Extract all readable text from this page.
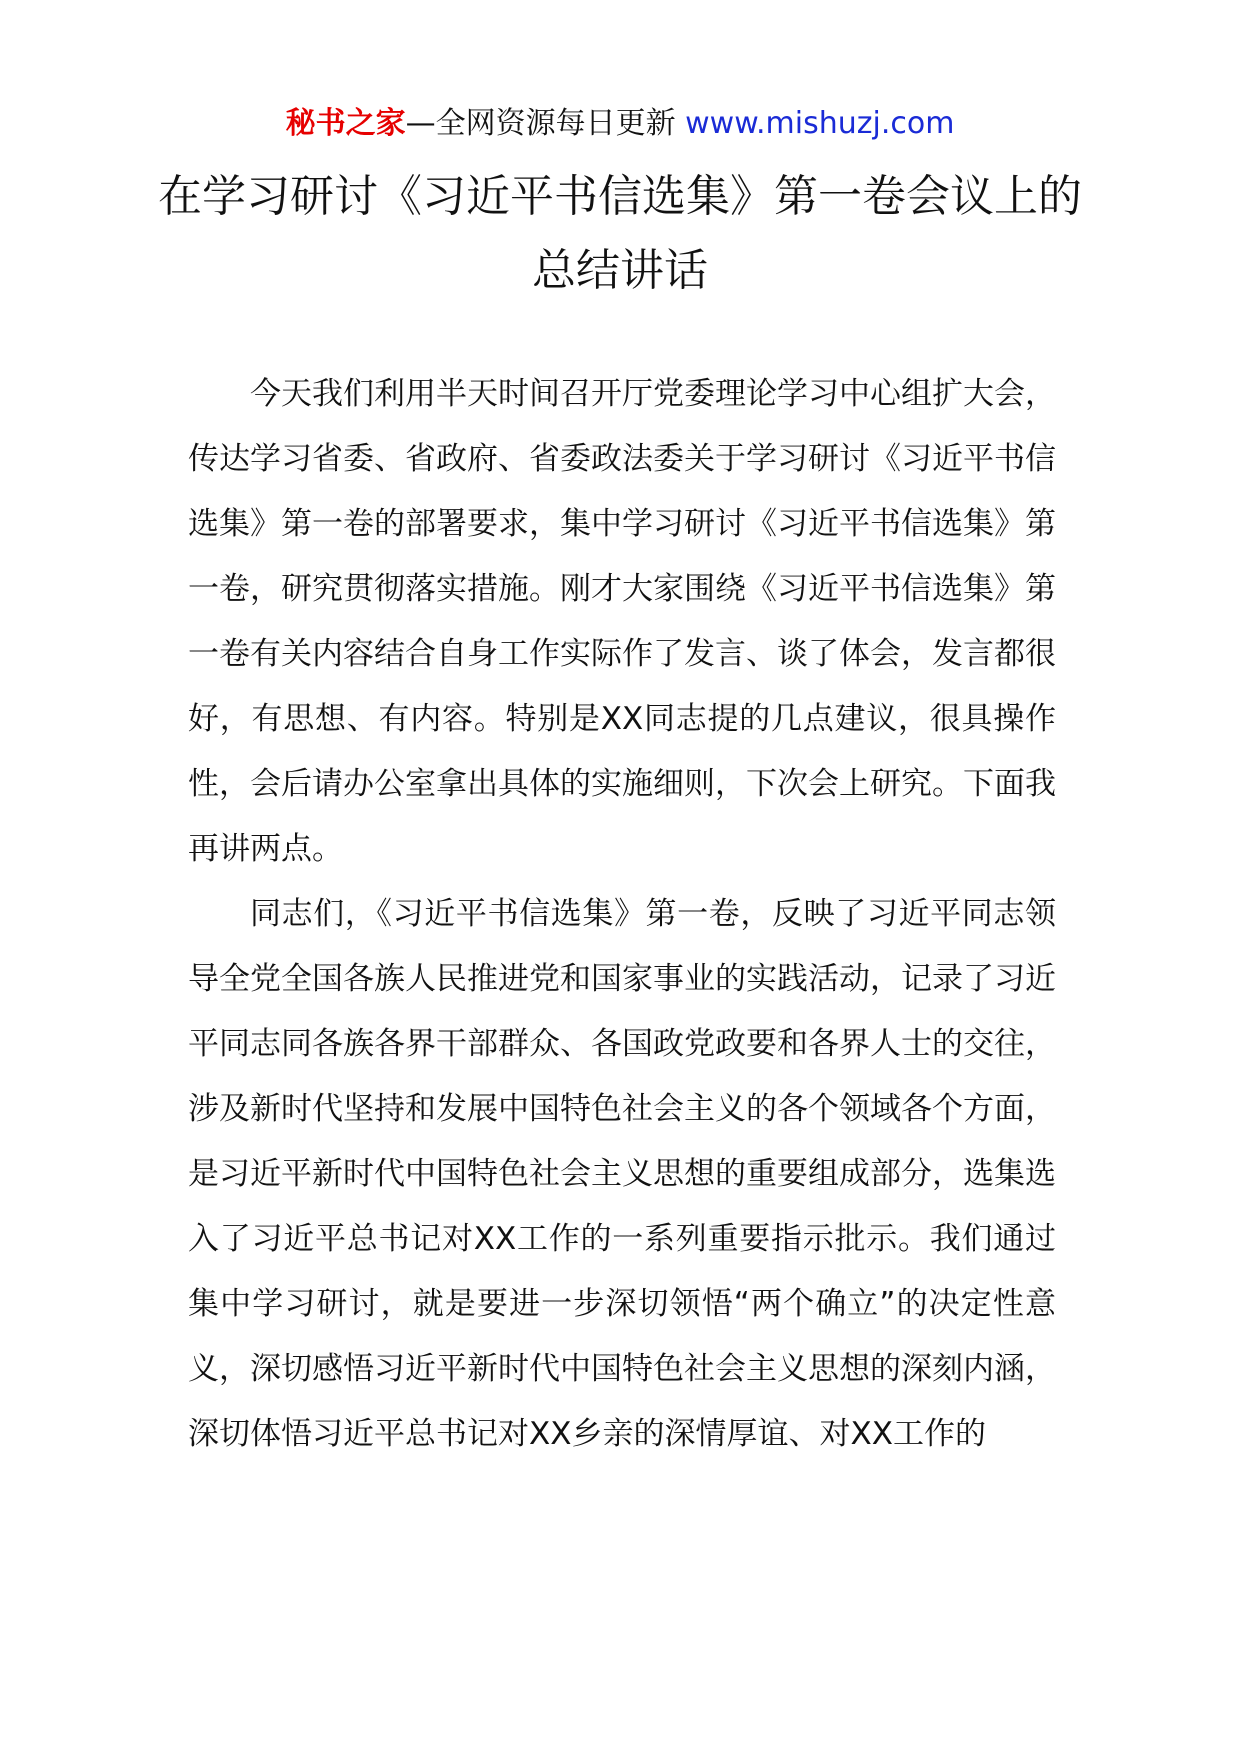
秘书之家—全网资源每日更新 www.mishuzj.com
在学习研讨《习近平书信选集》第一卷会议上的总结讲话

今天我们利用半天时间召开厅党委理论学习中心组扩大会，传达学习省委、省政府、省委政法委关于学习研讨《习近平书信选集》第一卷的部署要求，集中学习研讨《习近平书信选集》第一卷，研究贯彻落实措施。刚才大家围绕《习近平书信选集》第一卷有关内容结合自身工作实际作了发言、谈了体会，发言都很好，有思想、有内容。特别是XX同志提的几点建议，很具操作性，会后请办公室拿出具体的实施细则，下次会上研究。下面我再讲两点。

同志们，《习近平书信选集》第一卷，反映了习近平同志领导全党全国各族人民推进党和国家事业的实践活动，记录了习近平同志同各族各界干部群众、各国政党政要和各界人士的交往，涉及新时代坚持和发展中国特色社会主义的各个领域各个方面，是习近平新时代中国特色社会主义思想的重要组成部分，选集选入了习近平总书记对XX工作的一系列重要指示批示。我们通过集中学习研讨，就是要进一步深切领悟“两个确立”的决定性意义，深切感悟习近平新时代中国特色社会主义思想的深刻内涵，深切体悟习近平总书记对XX乡亲的深情厚谊、对XX工作的
